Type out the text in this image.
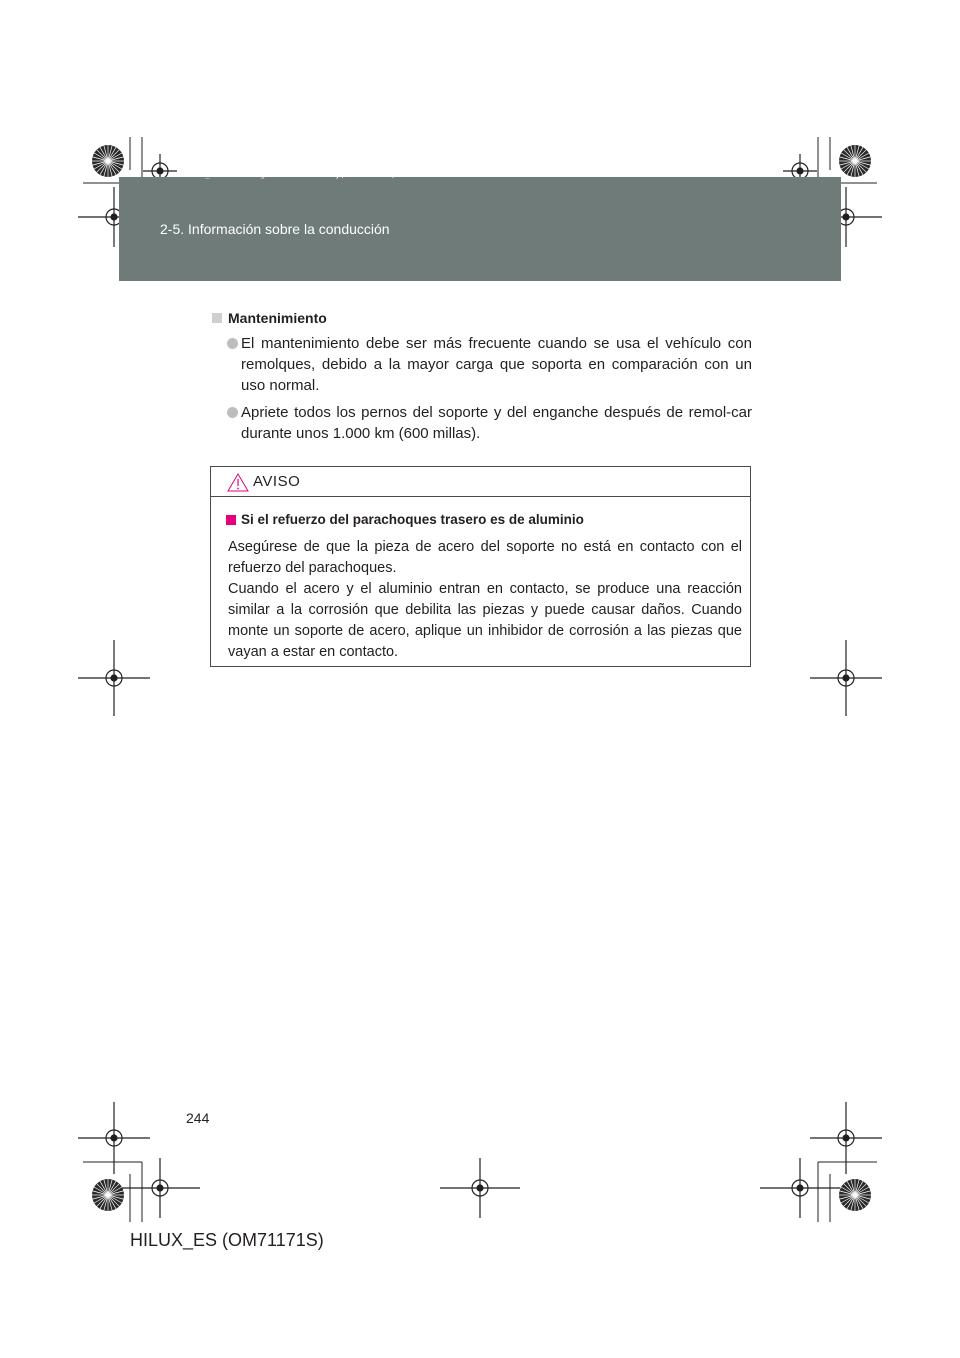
HILUX_ES.book Page 244 Wednesday, March 23, 2011 4:15 PM
2-5. Información sobre la conducción
Mantenimiento
El mantenimiento debe ser más frecuente cuando se usa el vehículo con remolques, debido a la mayor carga que soporta en comparación con un uso normal.
Apriete todos los pernos del soporte y del enganche después de remol-car durante unos 1.000 km (600 millas).
AVISO
Si el refuerzo del parachoques trasero es de aluminio
Asegúrese de que la pieza de acero del soporte no está en contacto con el refuerzo del parachoques.
Cuando el acero y el aluminio entran en contacto, se produce una reacción similar a la corrosión que debilita las piezas y puede causar daños. Cuando monte un soporte de acero, aplique un inhibidor de corrosión a las piezas que vayan a estar en contacto.
244
HILUX_ES (OM71171S)
